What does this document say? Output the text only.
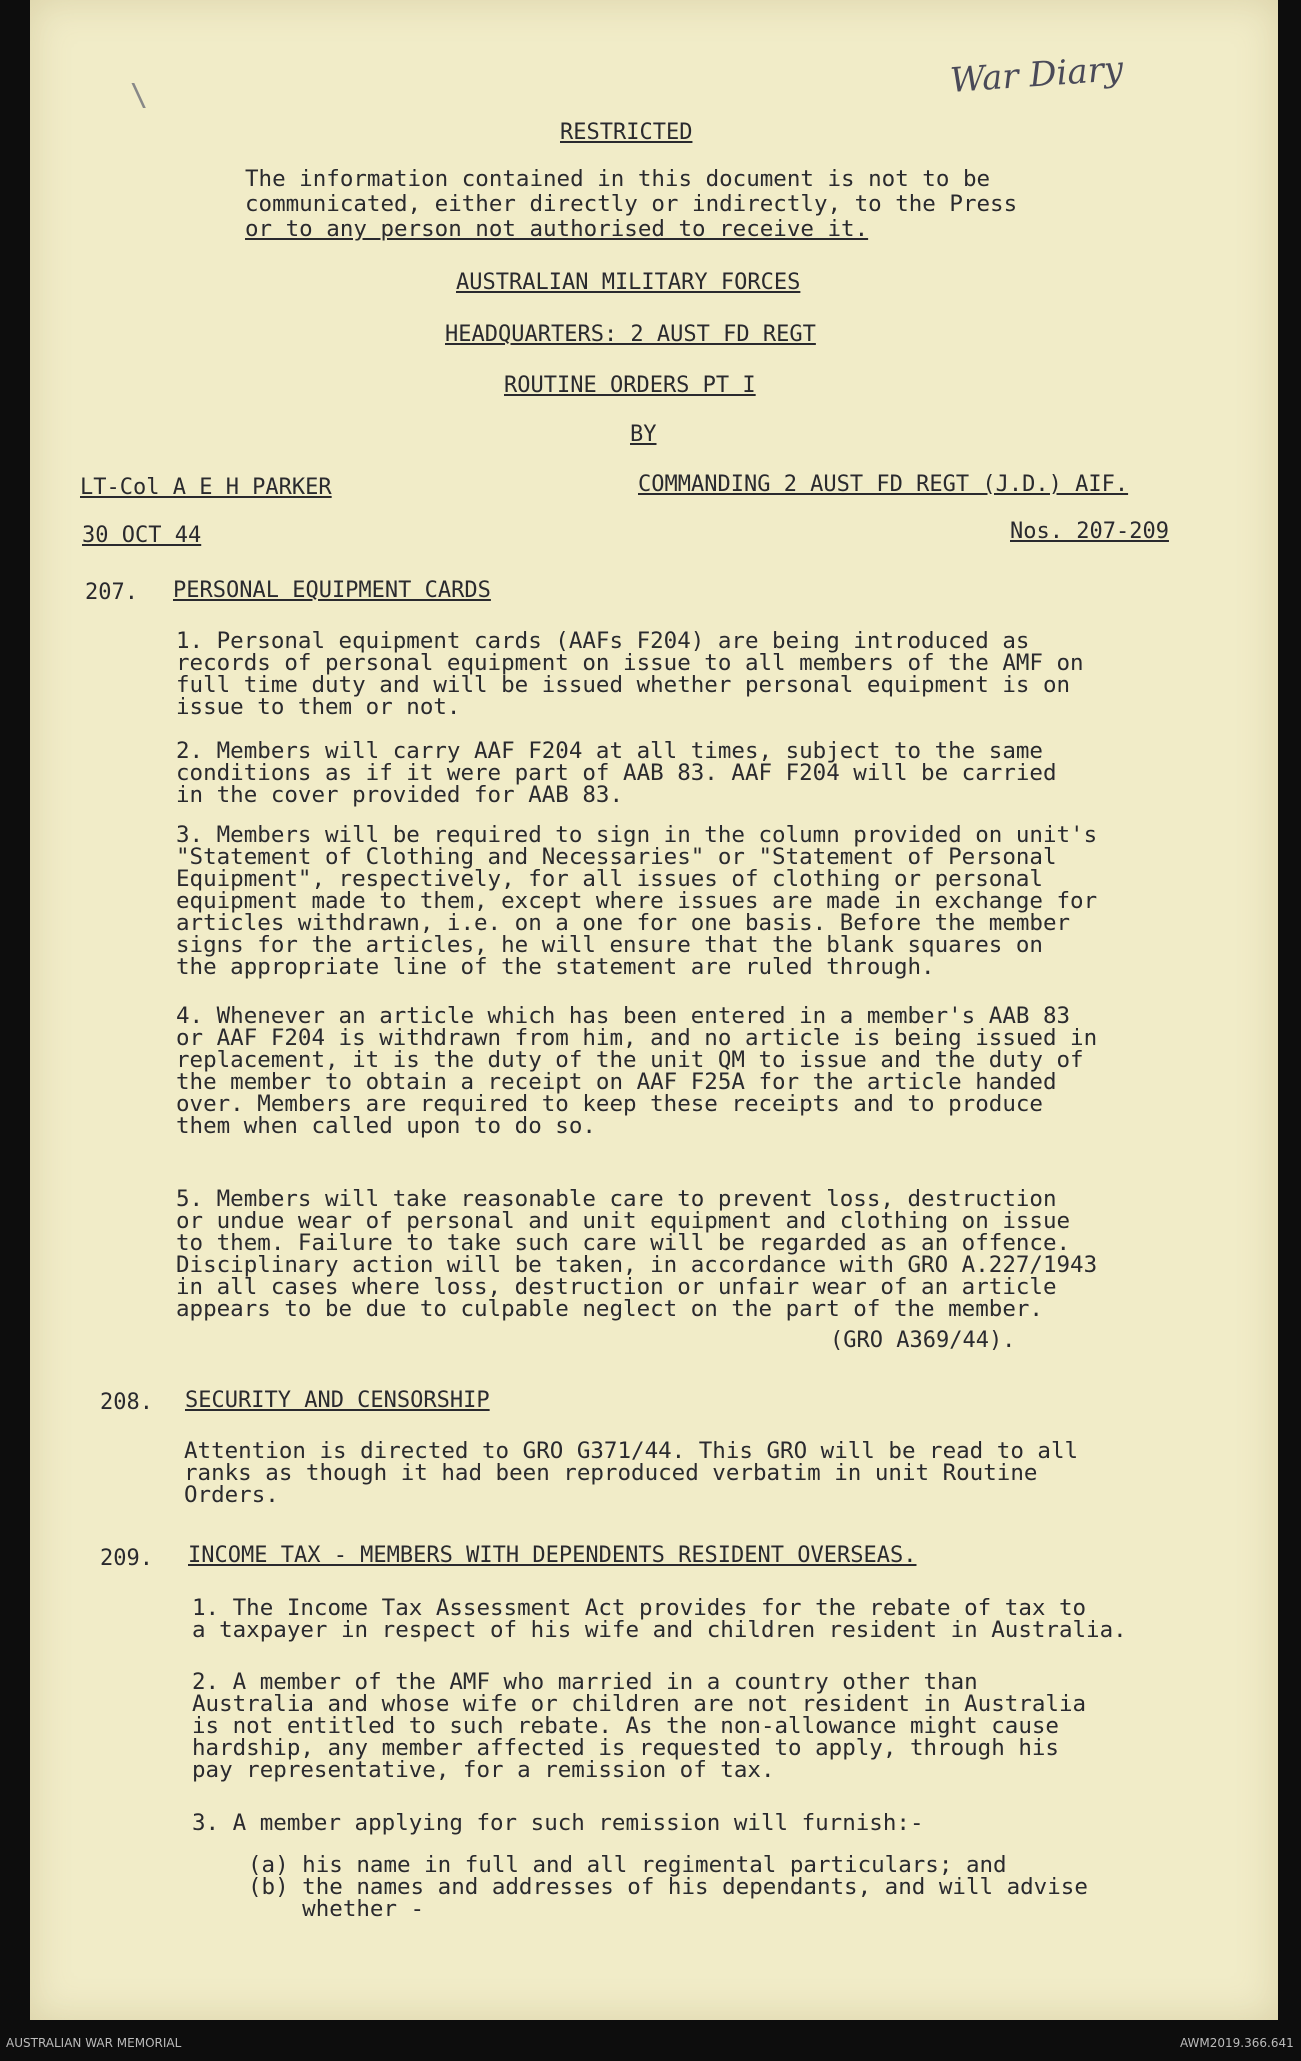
War Diary
\
RESTRICTED
The information contained in this document is not to be
communicated, either directly or indirectly, to the Press
or to any person not authorised to receive it.
AUSTRALIAN MILITARY FORCES
HEADQUARTERS: 2 AUST FD REGT
ROUTINE ORDERS PT I
BY
LT-Col A E H PARKER	COMMANDING 2 AUST FD REGT (J.D.) AIF.
30 OCT 44	Nos. 207-209
207. PERSONAL EQUIPMENT CARDS
1. Personal equipment cards (AAFs F204) are being introduced as
records of personal equipment on issue to all members of the AMF on
full time duty and will be issued whether personal equipment is on
issue to them or not.
2. Members will carry AAF F204 at all times, subject to the same
conditions as if it were part of AAB 83. AAF F204 will be carried
in the cover provided for AAB 83.
3. Members will be required to sign in the column provided on unit's
"Statement of Clothing and Necessaries" or "Statement of Personal
Equipment", respectively, for all issues of clothing or personal
equipment made to them, except where issues are made in exchange for
articles withdrawn, i.e. on a one for one basis. Before the member
signs for the articles, he will ensure that the blank squares on
the appropriate line of the statement are ruled through.
4. Whenever an article which has been entered in a member's AAB 83
or AAF F204 is withdrawn from him, and no article is being issued in
replacement, it is the duty of the unit QM to issue and the duty of
the member to obtain a receipt on AAF F25A for the article handed
over. Members are required to keep these receipts and to produce
them when called upon to do so.
5. Members will take reasonable care to prevent loss, destruction
or undue wear of personal and unit equipment and clothing on issue
to them. Failure to take such care will be regarded as an offence.
Disciplinary action will be taken, in accordance with GRO A.227/1943
in all cases where loss, destruction or unfair wear of an article
appears to be due to culpable neglect on the part of the member.
(GRO A369/44).
208. SECURITY AND CENSORSHIP
Attention is directed to GRO G371/44. This GRO will be read to all
ranks as though it had been reproduced verbatim in unit Routine
Orders.
209. INCOME TAX - MEMBERS WITH DEPENDENTS RESIDENT OVERSEAS.
1. The Income Tax Assessment Act provides for the rebate of tax to
a taxpayer in respect of his wife and children resident in Australia.
2. A member of the AMF who married in a country other than
Australia and whose wife or children are not resident in Australia
is not entitled to such rebate. As the non-allowance might cause
hardship, any member affected is requested to apply, through his
pay representative, for a remission of tax.
3. A member applying for such remission will furnish:-
(a) his name in full and all regimental particulars; and
(b) the names and addresses of his dependants, and will advise
whether -
AUSTRALIAN WAR MEMORIAL	AWM2019.366.641
